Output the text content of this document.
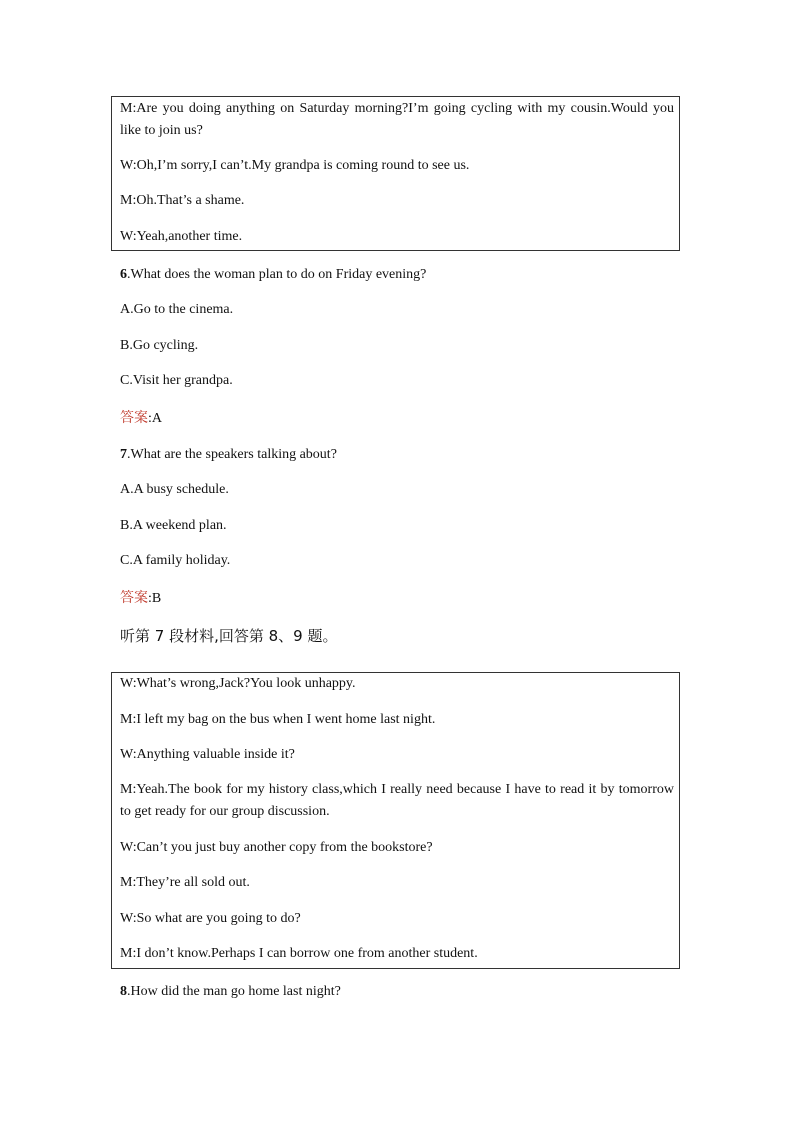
M:Are you doing anything on Saturday morning?I’m going cycling with my cousin.Would you like to join us?
W:Oh,I’m sorry,I can’t.My grandpa is coming round to see us.
M:Oh.That’s a shame.
W:Yeah,another time.
6.What does the woman plan to do on Friday evening?
A.Go to the cinema.
B.Go cycling.
C.Visit her grandpa.
答案:A
7.What are the speakers talking about?
A.A busy schedule.
B.A weekend plan.
C.A family holiday.
答案:B
听第 7 段材料,回答第 8、9 题。
W:What’s wrong,Jack?You look unhappy.
M:I left my bag on the bus when I went home last night.
W:Anything valuable inside it?
M:Yeah.The book for my history class,which I really need because I have to read it by tomorrow to get ready for our group discussion.
W:Can’t you just buy another copy from the bookstore?
M:They’re all sold out.
W:So what are you going to do?
M:I don’t know.Perhaps I can borrow one from another student.
8.How did the man go home last night?
